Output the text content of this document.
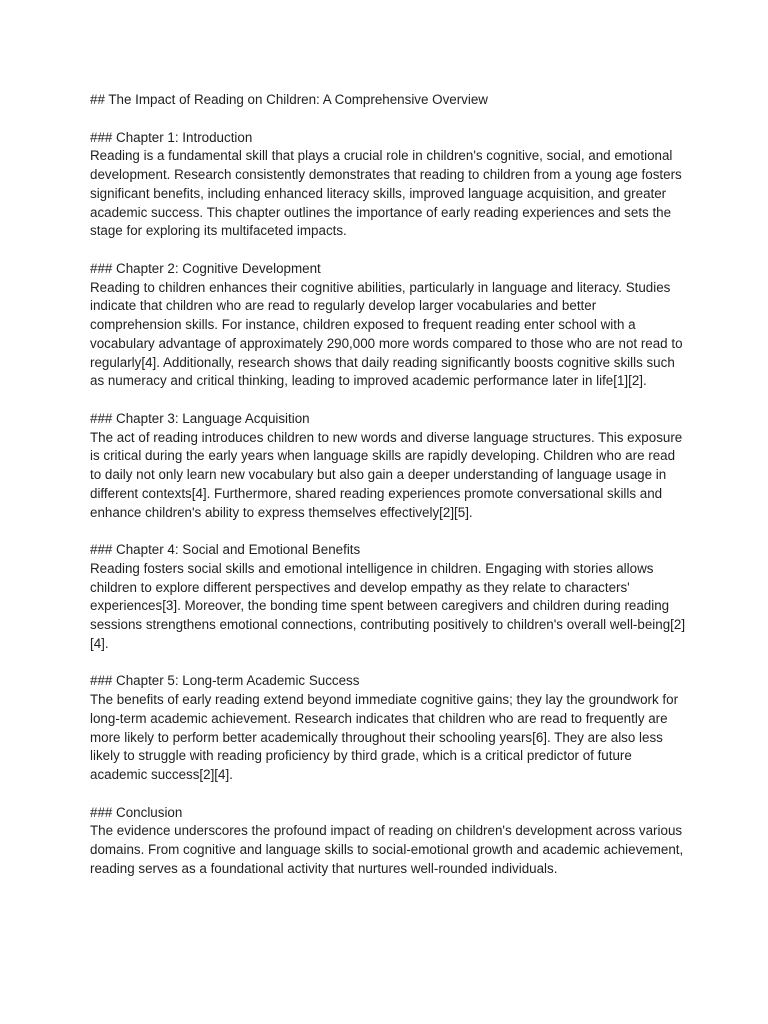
## The Impact of Reading on Children: A Comprehensive Overview

### Chapter 1: Introduction

Reading is a fundamental skill that plays a crucial role in children's cognitive, social, and emotional development. Research consistently demonstrates that reading to children from a young age fosters significant benefits, including enhanced literacy skills, improved language acquisition, and greater academic success. This chapter outlines the importance of early reading experiences and sets the stage for exploring its multifaceted impacts.

### Chapter 2: Cognitive Development

Reading to children enhances their cognitive abilities, particularly in language and literacy. Studies indicate that children who are read to regularly develop larger vocabularies and better comprehension skills. For instance, children exposed to frequent reading enter school with a vocabulary advantage of approximately 290,000 more words compared to those who are not read to regularly[4]. Additionally, research shows that daily reading significantly boosts cognitive skills such as numeracy and critical thinking, leading to improved academic performance later in life[1][2].

### Chapter 3: Language Acquisition

The act of reading introduces children to new words and diverse language structures. This exposure is critical during the early years when language skills are rapidly developing. Children who are read to daily not only learn new vocabulary but also gain a deeper understanding of language usage in different contexts[4]. Furthermore, shared reading experiences promote conversational skills and enhance children's ability to express themselves effectively[2][5].

### Chapter 4: Social and Emotional Benefits

Reading fosters social skills and emotional intelligence in children. Engaging with stories allows children to explore different perspectives and develop empathy as they relate to characters' experiences[3]. Moreover, the bonding time spent between caregivers and children during reading sessions strengthens emotional connections, contributing positively to children's overall well-being[2][4].

### Chapter 5: Long-term Academic Success

The benefits of early reading extend beyond immediate cognitive gains; they lay the groundwork for long-term academic achievement. Research indicates that children who are read to frequently are more likely to perform better academically throughout their schooling years[6]. They are also less likely to struggle with reading proficiency by third grade, which is a critical predictor of future academic success[2][4].

### Conclusion

The evidence underscores the profound impact of reading on children's development across various domains. From cognitive and language skills to social-emotional growth and academic achievement, reading serves as a foundational activity that nurtures well-rounded individuals.
